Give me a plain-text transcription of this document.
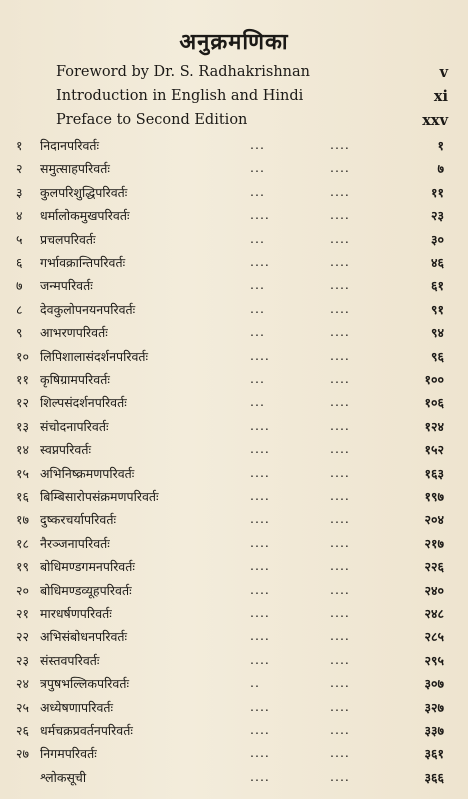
अनुक्रमणिका
Foreword by Dr. S. Radhakrishnan	v
Introduction in English and Hindi	xi
Preface to Second Edition	xxv
१	निदानपरिवर्तः	...	....	१
२	समुत्साहपरिवर्तः	...	....	७
३	कुलपरिशुद्धिपरिवर्तः	...	....	११
४	धर्मालोकमुखपरिवर्तः	....	....	२३
५	प्रचलपरिवर्तः	...	....	३०
६	गर्भावक्रान्तिपरिवर्तः	....	....	४६
७	जन्मपरिवर्तः	...	....	६१
८	देवकुलोपनयनपरिवर्तः	...	....	९१
९	आभरणपरिवर्तः	...	....	९४
१० लिपिशालासंदर्शनपरिवर्तः	....	....	९६
११ कृषिग्रामपरिवर्तः	...	....	१००
१२ शिल्पसंदर्शनपरिवर्तः	...	....	१०६
१३ संचोदनापरिवर्तः	....	....	१२४
१४ स्वप्नपरिवर्तः	....	....	१५२
१५ अभिनिष्क्रमणपरिवर्तः	....	....	१६३
१६ बिम्बिसारोपसंक्रमणपरिवर्तः	....	....	१९७
१७ दुष्करचर्यापरिवर्तः	....	....	२०४
१८ नैरञ्जनापरिवर्तः	....	....	२१७
१९ बोधिमण्डगमनपरिवर्तः	....	....	२२६
२० बोधिमण्डव्यूहपरिवर्तः	....	....	२४०
२१ मारधर्षणपरिवर्तः	....	....	२४८
२२ अभिसंबोधनपरिवर्तः	....	....	२८५
२३ संस्तवपरिवर्तः	....	....	२९५
२४ त्रपुषभल्लिकपरिवर्तः	..	....	३०७
२५ अध्येषणापरिवर्तः	....	....	३२७
२६ धर्मचक्रप्रवर्तनपरिवर्तः	....	....	३३७
२७ निगमपरिवर्तः	....	....	३६१
श्लोकसूची	....	....	३६६
